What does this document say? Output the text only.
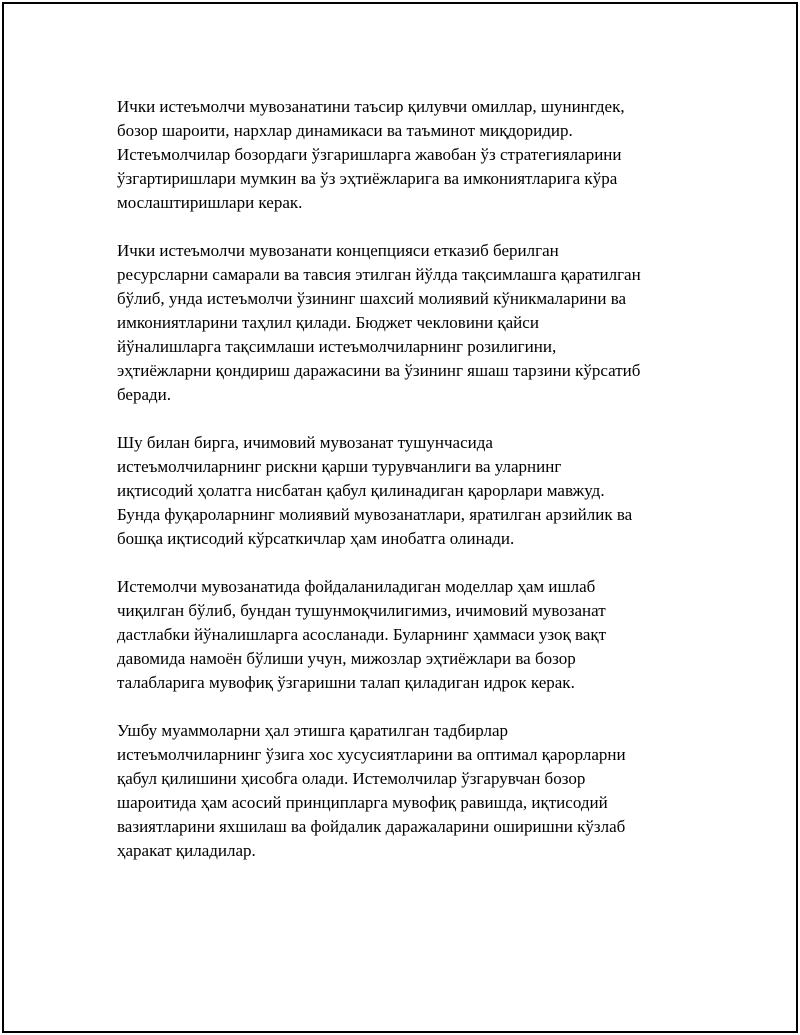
Ички истеъмолчи мувозанатини таъсир қилувчи омиллар, шунингдек,
бозор шароити, нархлар динамикаси ва таъминот миқдоридир.
Истеъмолчилар бозордаги ўзгаришларга жавобан ўз стратегияларини
ўзгартиришлари мумкин ва ўз эҳтиёжларига ва имкониятларига кўра
мослаштиришлари керак.

Ички истеъмолчи мувозанати концепцияси етказиб берилган
ресурсларни самарали ва тавсия этилган йўлда тақсимлашга қаратилган
бўлиб, унда истеъмолчи ўзининг шахсий молиявий кўникмаларини ва
имкониятларини таҳлил қилади. Бюджет чекловини қайси
йўналишларга тақсимлаши истеъмолчиларнинг розилигини,
эҳтиёжларни қондириш даражасини ва ўзининг яшаш тарзини кўрсатиб
беради.

Шу билан бирга, ичимовий мувозанат тушунчасида
истеъмолчиларнинг рискни қарши турувчанлиги ва уларнинг
иқтисодий ҳолатга нисбатан қабул қилинадиган қарорлари мавжуд.
Бунда фуқароларнинг молиявий мувозанатлари, яратилган арзийлик ва
бошқа иқтисодий кўрсаткичлар ҳам инобатга олинади.

Истемолчи мувозанатида фойдаланиладиган моделлар ҳам ишлаб
чиқилган бўлиб, бундан тушунмоқчилигимиз, ичимовий мувозанат
дастлабки йўналишларга асосланади. Буларнинг ҳаммаси узоқ вақт
давомида намоён бўлиши учун, мижозлар эҳтиёжлари ва бозор
талабларига мувофиқ ўзгаришни талап қиладиган идрок керак.

Ушбу муаммоларни ҳал этишга қаратилган тадбирлар
истеъмолчиларнинг ўзига хос хусусиятларини ва оптимал қарорларни
қабул қилишини ҳисобга олади. Истемолчилар ўзгарувчан бозор
шароитида ҳам асосий принципларга мувофиқ равишда, иқтисодий
вазиятларини яхшилаш ва фойдалик даражаларини оширишни кўзлаб
ҳаракат қиладилар.
